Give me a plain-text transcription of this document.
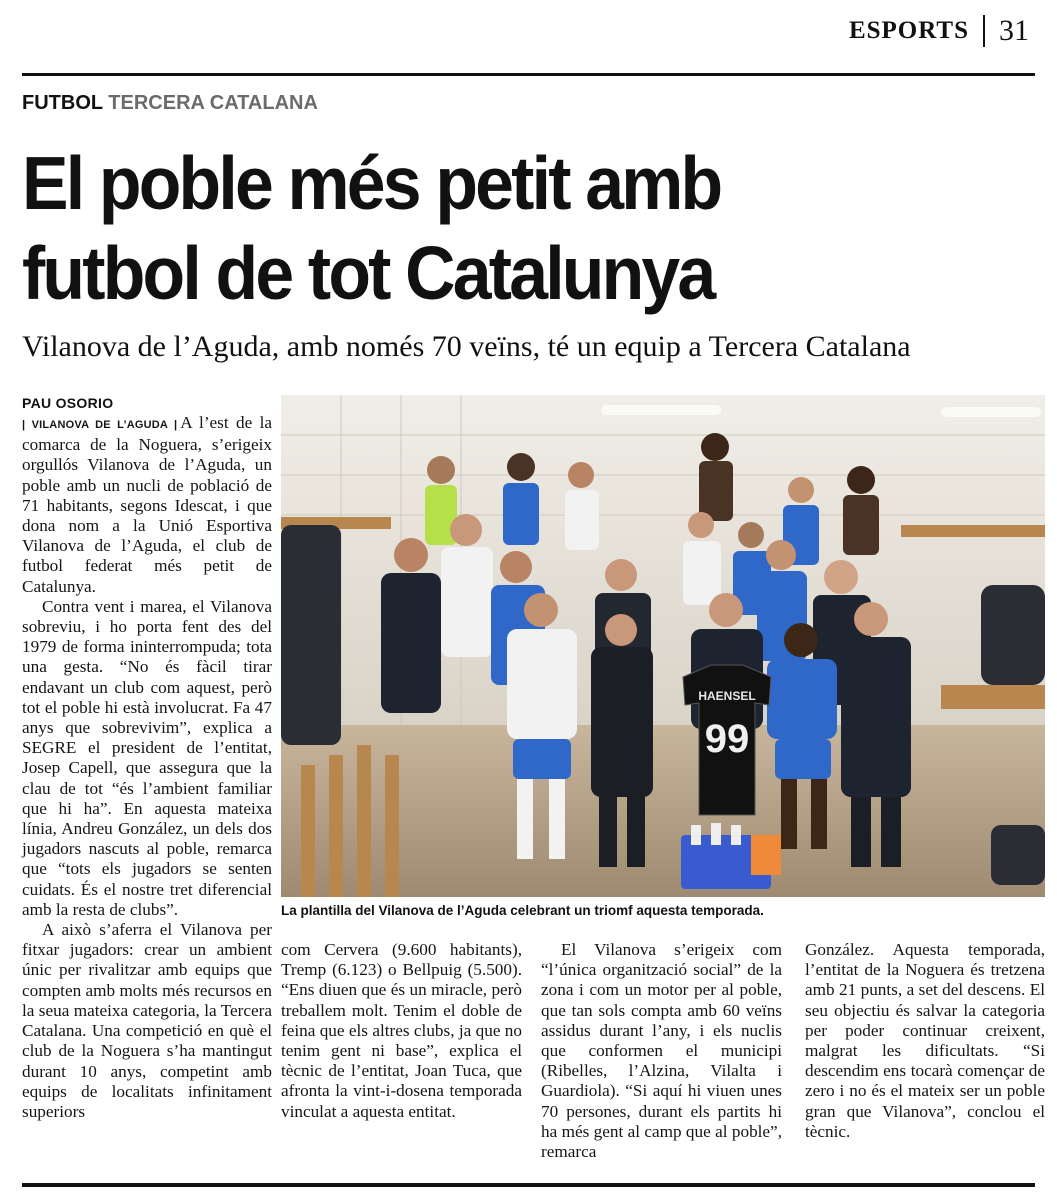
ESPORTS 31
FUTBOL TERCERA CATALANA
El poble més petit amb
futbol de tot Catalunya
Vilanova de l’Aguda, amb només 70 veïns, té un equip a Tercera Catalana
PAU OSORIO

| VILANOVA DE L’AGUDA | A l’est de la comarca de la Noguera, s’erigeix orgullós Vilanova de l’Aguda, un poble amb un nucli de població de 71 habitants, segons Idescat, i que dona nom a la Unió Esportiva Vilanova de l’Aguda, el club de futbol federat més petit de Catalunya.

Contra vent i marea, el Vilanova sobreviu, i ho porta fent des del 1979 de forma ininterrompuda; tota una gesta. “No és fàcil tirar endavant un club com aquest, però tot el poble hi està involucrat. Fa 47 anys que sobrevivim”, explica a SEGRE el president de l’entitat, Josep Capell, que assegura que la clau de tot “és l’ambient familiar que hi ha”. En aquesta mateixa línia, Andreu González, un dels dos jugadors nascuts al poble, remarca que “tots els jugadors se senten cuidats. És el nostre tret diferencial amb la resta de clubs”.

A això s’aferra el Vilanova per fitxar jugadors: crear un ambient únic per rivalitzar amb equips que compten amb molts més recursos en la seua mateixa categoria, la Tercera Catalana. Una competició en què el club de la Noguera s’ha mantingut durant 10 anys, competint amb equips de localitats infinitament superiors

HAENSEL
99
La plantilla del Vilanova de l’Aguda celebrant un triomf aquesta temporada.

com Cervera (9.600 habitants), Tremp (6.123) o Bellpuig (5.500). “Ens diuen que és un miracle, però treballem molt. Tenim el doble de feina que els altres clubs, ja que no tenim gent ni base”, explica el tècnic de l’entitat, Joan Tuca, que afronta la vint-i-dosena temporada vinculat a aquesta entitat.

El Vilanova s’erigeix com “l’única organització social” de la zona i com un motor per al poble, que tan sols compta amb 60 veïns assidus durant l’any, i els nuclis que conformen el municipi (Ribelles, l’Alzina, Vilalta i Guardiola). “Si aquí hi viuen unes 70 persones, durant els partits hi ha més gent al camp que al poble”, remarca

González. Aquesta temporada, l’entitat de la Noguera és tretzena amb 21 punts, a set del descens. El seu objectiu és salvar la categoria per poder continuar creixent, malgrat les dificultats. “Si descendim ens tocarà començar de zero i no és el mateix ser un poble gran que Vilanova”, conclou el tècnic.
